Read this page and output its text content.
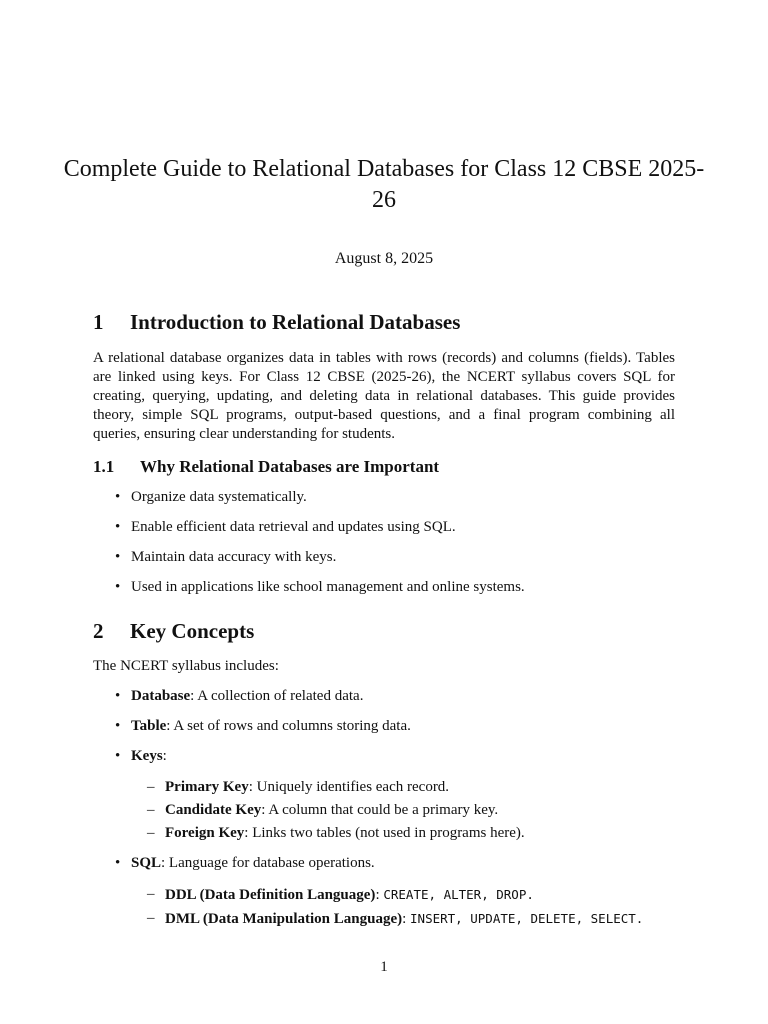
Complete Guide to Relational Databases for Class 12 CBSE 2025-26
August 8, 2025
1 Introduction to Relational Databases

A relational database organizes data in tables with rows (records) and columns (fields). Tables are linked using keys. For Class 12 CBSE (2025-26), the NCERT syllabus covers SQL for creating, querying, updating, and deleting data in relational databases. This guide provides theory, simple SQL programs, output-based questions, and a final program combining all queries, ensuring clear understanding for students.

1.1 Why Relational Databases are Important
• Organize data systematically.
• Enable efficient data retrieval and updates using SQL.
• Maintain data accuracy with keys.
• Used in applications like school management and online systems.
2 Key Concepts

The NCERT syllabus includes:

• Database: A collection of related data.
• Table: A set of rows and columns storing data.
• Keys:
– Primary Key: Uniquely identifies each record.
– Candidate Key: A column that could be a primary key.
– Foreign Key: Links two tables (not used in programs here).
• SQL: Language for database operations.
– DDL (Data Definition Language): CREATE, ALTER, DROP.
– DML (Data Manipulation Language): INSERT, UPDATE, DELETE, SELECT.
1
